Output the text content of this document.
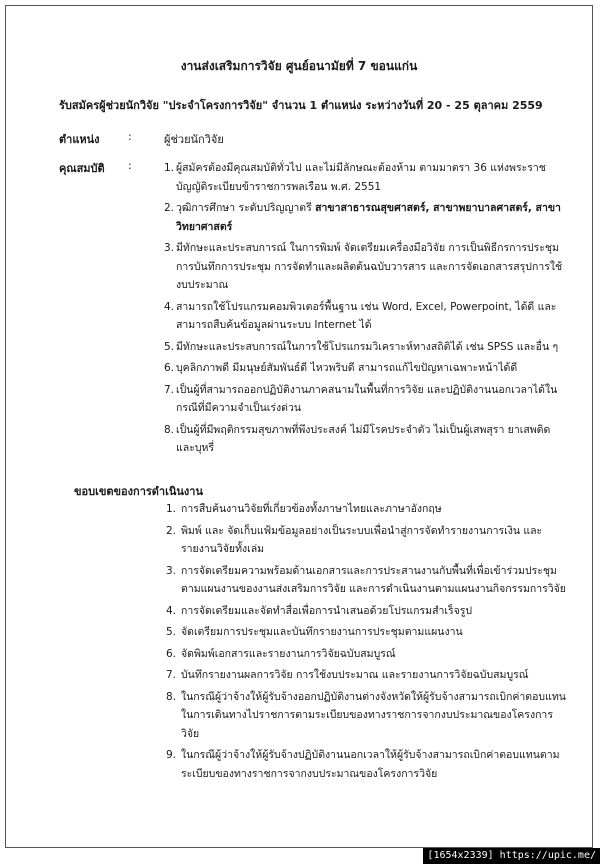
งานส่งเสริมการวิจัย ศูนย์อนามัยที่ 7 ขอนแก่น
รับสมัครผู้ช่วยนักวิจัย "ประจำโครงการวิจัย" จำนวน 1 ตำแหน่ง ระหว่างวันที่ 20 - 25 ตุลาคม 2559
ตำแหน่ง	:	ผู้ช่วยนักวิจัย
คุณสมบัติ :	1. ผู้สมัครต้องมีคุณสมบัติทั่วไป และไม่มีลักษณะต้องห้าม ตามมาตรา 36 แห่งพระราชบัญญัติระเบียบข้าราชการพลเรือน พ.ศ. 2551
2. วุฒิการศึกษา ระดับปริญญาตรี สาขาสาธารณสุขศาสตร์, สาขาพยาบาลศาสตร์, สาขาวิทยาศาสตร์
3. มีทักษะและประสบการณ์ ในการพิมพ์ จัดเตรียมเครื่องมือวิจัย การเป็นพิธีกรการประชุม การบันทึกการประชุม การจัดทำและผลิตต้นฉบับวารสาร และการจัดเอกสารสรุปการใช้งบประมาณ
4. สามารถใช้โปรแกรมคอมพิวเตอร์พื้นฐาน เช่น Word, Excel, Powerpoint, ได้ดี และสามารถสืบค้นข้อมูลผ่านระบบ Internet ได้
5. มีทักษะและประสบการณ์ในการใช้โปรแกรมวิเคราะห์ทางสถิติได้ เช่น SPSS และอื่น ๆ
6. บุคลิกภาพดี มีมนุษย์สัมพันธ์ดี ไหวพริบดี สามารถแก้ไขปัญหาเฉพาะหน้าได้ดี
7. เป็นผู้ที่สามารถออกปฏิบัติงานภาคสนามในพื้นที่การวิจัย และปฏิบัติงานนอกเวลาได้ในกรณีที่มีความจำเป็นเร่งด่วน
8. เป็นผู้ที่มีพฤติกรรมสุขภาพที่พึงประสงค์ ไม่มีโรคประจำตัว ไม่เป็นผู้เสพสุรา ยาเสพติดและบุหรี่
ขอบเขตของการดำเนินงาน
1. การสืบค้นงานวิจัยที่เกี่ยวข้องทั้งภาษาไทยและภาษาอังกฤษ
2. พิมพ์ และ จัดเก็บแฟ้มข้อมูลอย่างเป็นระบบเพื่อนำสู่การจัดทำรายงานการเงิน และรายงานวิจัยทั้งเล่ม
3. การจัดเตรียมความพร้อมด้านเอกสารและการประสานงานกับพื้นที่เพื่อเข้าร่วมประชุมตามแผนงานของงานส่งเสริมการวิจัย และการดำเนินงานตามแผนงานกิจกรรมการวิจัย
4. การจัดเตรียมและจัดทำสื่อเพื่อการนำเสนอด้วยโปรแกรมสำเร็จรูป
5. จัดเตรียมการประชุมและบันทึกรายงานการประชุมตามแผนงาน
6. จัดพิมพ์เอกสารและรายงานการวิจัยฉบับสมบูรณ์
7. บันทึกรายงานผลการวิจัย การใช้งบประมาณ และรายงานการวิจัยฉบับสมบูรณ์
8. ในกรณีผู้ว่าจ้างให้ผู้รับจ้างออกปฏิบัติงานต่างจังหวัดให้ผู้รับจ้างสามารถเบิกค่าตอบแทนในการเดินทางไปราชการตามระเบียบของทางราชการจากงบประมาณของโครงการวิจัย
9. ในกรณีผู้ว่าจ้างให้ผู้รับจ้างปฏิบัติงานนอกเวลาให้ผู้รับจ้างสามารถเบิกค่าตอบแทนตามระเบียบของทางราชการจากงบประมาณของโครงการวิจัย
[1654x2339] https://upic.me/
